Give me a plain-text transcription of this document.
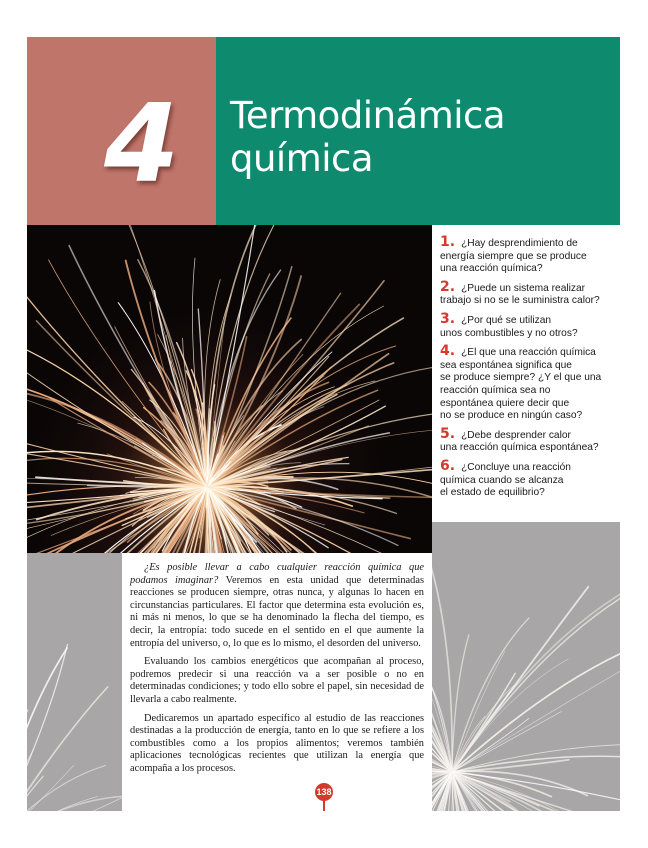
4 Termodinámica
química
1. ¿Hay desprendimiento de
energía siempre que se produce
una reacción química?
2. ¿Puede un sistema realizar
trabajo si no se le suministra calor?
3. ¿Por qué se utilizan
unos combustibles y no otros?
4. ¿El que una reacción química
sea espontánea significa que
se produce siempre? ¿Y el que una
reacción química sea no
espontánea quiere decir que
no se produce en ningún caso?
5. ¿Debe desprender calor
una reacción química espontánea?
6. ¿Concluye una reacción
química cuando se alcanza
el estado de equilibrio?

¿Es posible llevar a cabo cualquier reacción química que podamos imaginar? Veremos en esta unidad que determinadas reacciones se producen siempre, otras nunca, y algunas lo hacen en circunstancias particulares. El factor que determina esta evolución es, ni más ni menos, lo que se ha denominado la flecha del tiempo, es decir, la entropía: todo sucede en el sentido en el que aumente la entropía del universo, o, lo que es lo mismo, el desorden del universo.

Evaluando los cambios energéticos que acompañan al proceso, podremos predecir si una reacción va a ser posible o no en determinadas condiciones; y todo ello sobre el papel, sin necesidad de llevarla a cabo realmente.

Dedicaremos un apartado específico al estudio de las reacciones destinadas a la producción de energía, tanto en lo que se refiere a los combustibles como a los propios alimentos; veremos también aplicaciones tecnológicas recientes que utilizan la energía que acompaña a los procesos.

138
